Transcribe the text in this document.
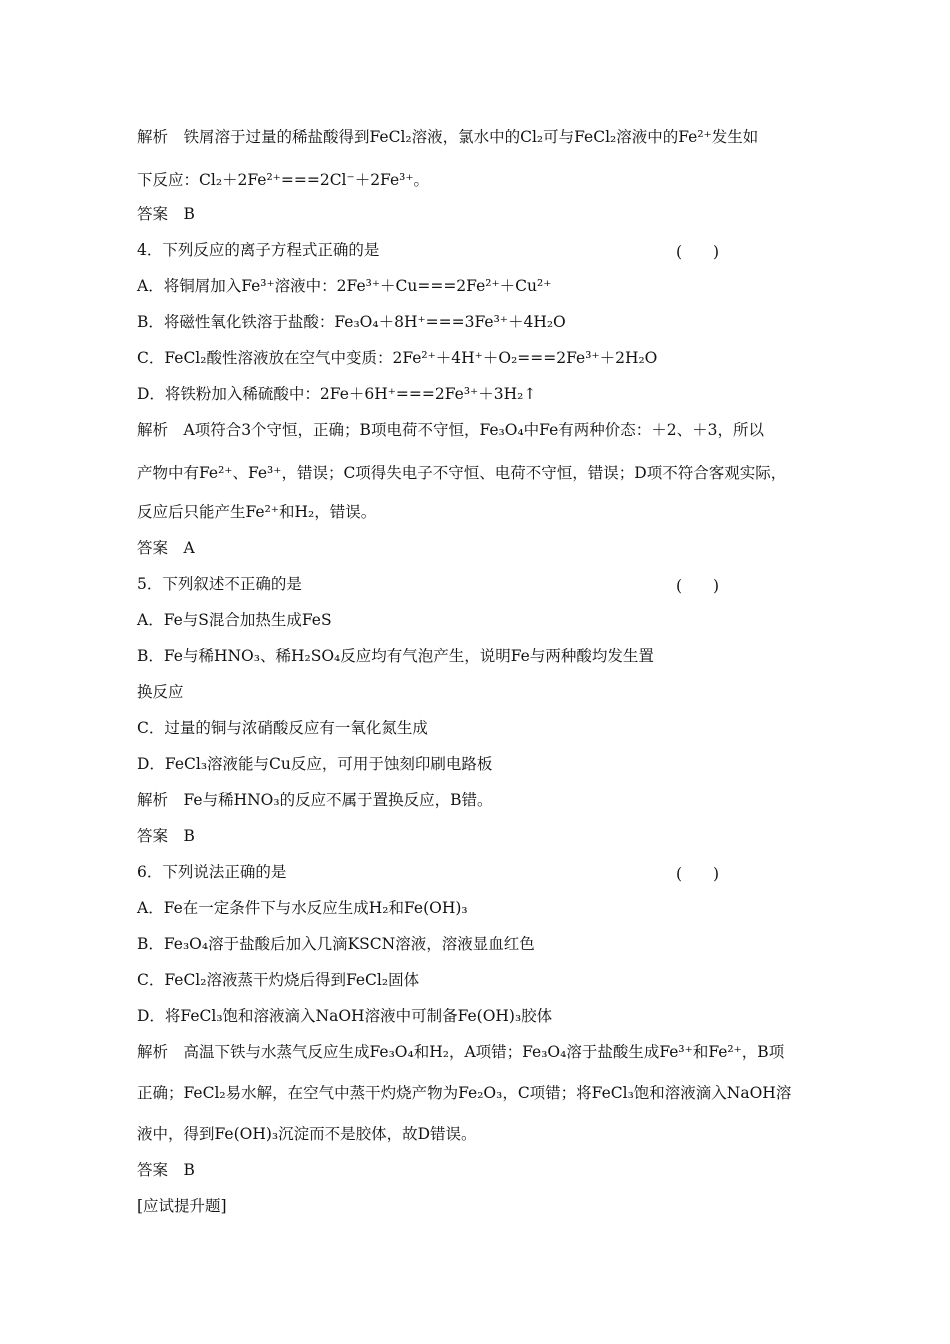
解析　铁屑溶于过量的稀盐酸得到FeCl₂溶液，氯水中的Cl₂可与FeCl₂溶液中的Fe²⁺发生如
下反应：Cl₂＋2Fe²⁺===2Cl⁻＋2Fe³⁺。
答案　B
4．下列反应的离子方程式正确的是	(　　)
A．将铜屑加入Fe³⁺溶液中：2Fe³⁺＋Cu===2Fe²⁺＋Cu²⁺
B．将磁性氧化铁溶于盐酸：Fe₃O₄＋8H⁺===3Fe³⁺＋4H₂O
C．FeCl₂酸性溶液放在空气中变质：2Fe²⁺＋4H⁺＋O₂===2Fe³⁺＋2H₂O
D．将铁粉加入稀硫酸中：2Fe＋6H⁺===2Fe³⁺＋3H₂↑
解析　A项符合3个守恒，正确；B项电荷不守恒，Fe₃O₄中Fe有两种价态：＋2、＋3，所以
产物中有Fe²⁺、Fe³⁺，错误；C项得失电子不守恒、电荷不守恒，错误；D项不符合客观实际，
反应后只能产生Fe²⁺和H₂，错误。
答案　A
5．下列叙述不正确的是	(　　)
A．Fe与S混合加热生成FeS
B．Fe与稀HNO₃、稀H₂SO₄反应均有气泡产生，说明Fe与两种酸均发生置
换反应
C．过量的铜与浓硝酸反应有一氧化氮生成
D．FeCl₃溶液能与Cu反应，可用于蚀刻印刷电路板
解析　Fe与稀HNO₃的反应不属于置换反应，B错。
答案　B
6．下列说法正确的是	(　　)
A．Fe在一定条件下与水反应生成H₂和Fe(OH)₃
B．Fe₃O₄溶于盐酸后加入几滴KSCN溶液，溶液显血红色
C．FeCl₂溶液蒸干灼烧后得到FeCl₂固体
D．将FeCl₃饱和溶液滴入NaOH溶液中可制备Fe(OH)₃胶体
解析　高温下铁与水蒸气反应生成Fe₃O₄和H₂，A项错；Fe₃O₄溶于盐酸生成Fe³⁺和Fe²⁺，B项
正确；FeCl₂易水解，在空气中蒸干灼烧产物为Fe₂O₃，C项错；将FeCl₃饱和溶液滴入NaOH溶
液中，得到Fe(OH)₃沉淀而不是胶体，故D错误。
答案　B
[应试提升题]
